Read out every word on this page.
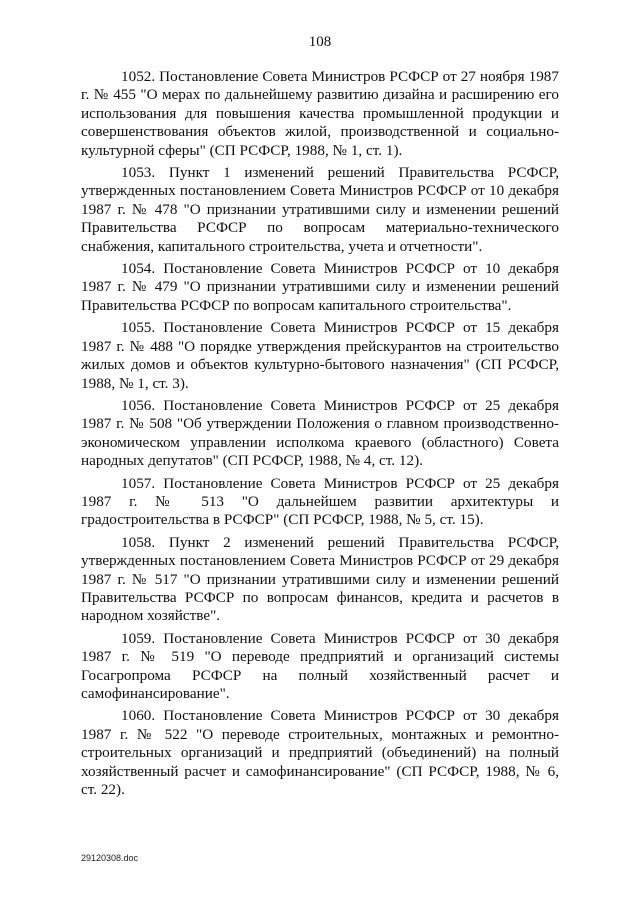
108

1052. Постановление Совета Министров РСФСР от 27 ноября 1987 г. № 455 "О мерах по дальнейшему развитию дизайна и расширению его использования для повышения качества промышленной продукции и совершенствования объектов жилой, производственной и социально-культурной сферы" (СП РСФСР, 1988, № 1, ст. 1).

1053. Пункт 1 изменений решений Правительства РСФСР, утвержденных постановлением Совета Министров РСФСР от 10 декабря 1987 г. № 478 "О признании утратившими силу и изменении решений Правительства РСФСР по вопросам материально-технического снабжения, капитального строительства, учета и отчетности".

1054. Постановление Совета Министров РСФСР от 10 декабря 1987 г. № 479 "О признании утратившими силу и изменении решений Правительства РСФСР по вопросам капитального строительства".

1055. Постановление Совета Министров РСФСР от 15 декабря 1987 г. № 488 "О порядке утверждения прейскурантов на строительство жилых домов и объектов культурно-бытового назначения" (СП РСФСР, 1988, № 1, ст. 3).

1056. Постановление Совета Министров РСФСР от 25 декабря 1987 г. № 508 "Об утверждении Положения о главном производственно-экономическом управлении исполкома краевого (областного) Совета народных депутатов" (СП РСФСР, 1988, № 4, ст. 12).

1057. Постановление Совета Министров РСФСР от 25 декабря 1987 г. № 513 "О дальнейшем развитии архитектуры и градостроительства в РСФСР" (СП РСФСР, 1988, № 5, ст. 15).

1058. Пункт 2 изменений решений Правительства РСФСР, утвержденных постановлением Совета Министров РСФСР от 29 декабря 1987 г. № 517 "О признании утратившими силу и изменении решений Правительства РСФСР по вопросам финансов, кредита и расчетов в народном хозяйстве".

1059. Постановление Совета Министров РСФСР от 30 декабря 1987 г. № 519 "О переводе предприятий и организаций системы Госагропрома РСФСР на полный хозяйственный расчет и самофинансирование".

1060. Постановление Совета Министров РСФСР от 30 декабря 1987 г. № 522 "О переводе строительных, монтажных и ремонтно-строительных организаций и предприятий (объединений) на полный хозяйственный расчет и самофинансирование" (СП РСФСР, 1988, № 6, ст. 22).

29120308.doc
